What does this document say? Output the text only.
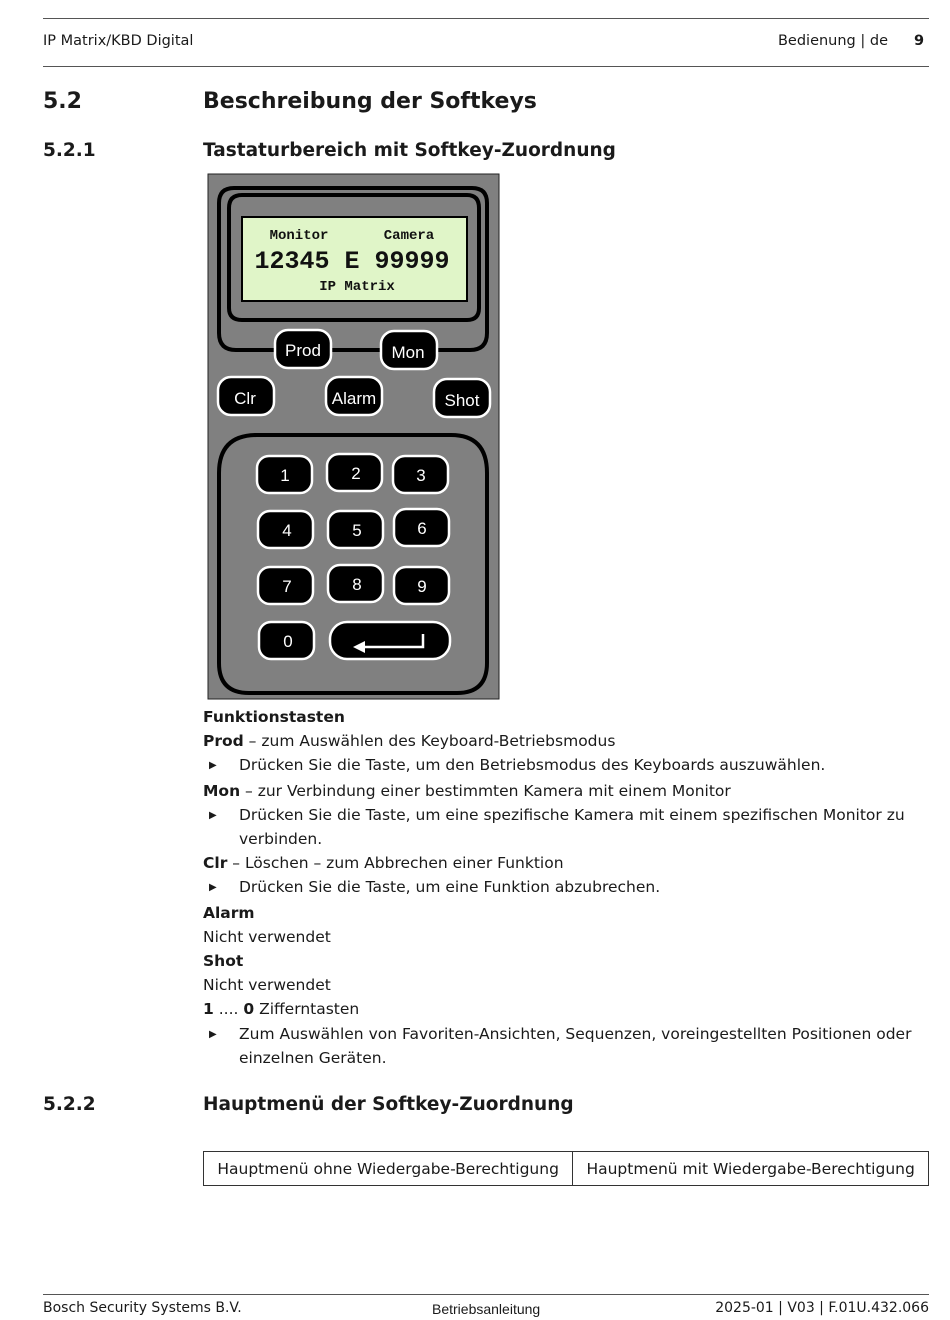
IP Matrix/KBD Digital	Bedienung | de 9
5.2	Beschreibung der Softkeys
5.2.1	Tastaturbereich mit Softkey-Zuordnung
Monitor	Camera
12345 E 99999
IP Matrix
Prod	Mon
Clr	Alarm	Shot
1	2	3
4	5	6
7	8	9
0

Funktionstasten

Prod – zum Auswählen des Keyboard-Betriebsmodus

▶	Drücken Sie die Taste, um den Betriebsmodus des Keyboards auszuwählen.

Mon – zur Verbindung einer bestimmten Kamera mit einem Monitor

▶	Drücken Sie die Taste, um eine spezifische Kamera mit einem spezifischen Monitor zu verbinden.

Clr – Löschen – zum Abbrechen einer Funktion

▶	Drücken Sie die Taste, um eine Funktion abzubrechen.

Alarm

Nicht verwendet

Shot

Nicht verwendet

1 .... 0 Zifferntasten

▶	Zum Auswählen von Favoriten-Ansichten, Sequenzen, voreingestellten Positionen oder einzelnen Geräten.
5.2.2	Hauptmenü der Softkey-Zuordnung
Hauptmenü ohne Wiedergabe-Berechtigung	Hauptmenü mit Wiedergabe-Berechtigung
Bosch Security Systems B.V.	Betriebsanleitung	2025-01 | V03 | F.01U.432.066
